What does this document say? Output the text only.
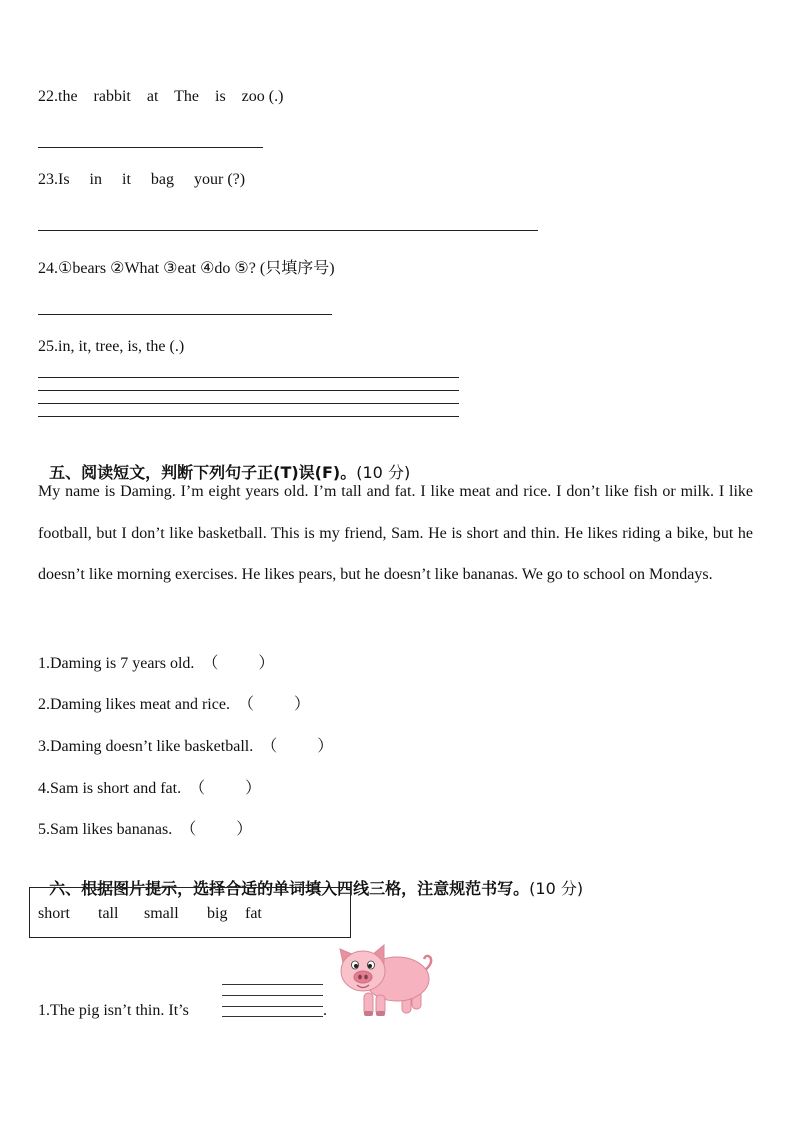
22.the    rabbit    at    The    is    zoo (.)
23.Is     in     it     bag     your (?)
24.①bears ②What ③eat ④do ⑤? (只填序号)
25.in, it, tree, is, the (.)

五、阅读短文，判断下列句子正(T)误(F)。(10 分)

My name is Daming. I’m eight years old. I’m tall and fat. I like meat and rice. I don’t like fish or milk. I like football, but I don’t like basketball. This is my friend, Sam. He is short and thin. He likes riding a bike, but he doesn’t like morning exercises. He likes pears, but he doesn’t like bananas. We go to school on Mondays.
1.Daming is 7 years old.  （          ）
2.Daming likes meat and rice.  （          ）
3.Daming doesn’t like basketball.  （          ）
4.Sam is short and fat.  （          ）
5.Sam likes bananas.  （          ）

六、根据图片提示，选择合适的单词填入四线三格，注意规范书写。(10 分)

short tall small big fat
1.The pig isn’t thin. It’s	.
